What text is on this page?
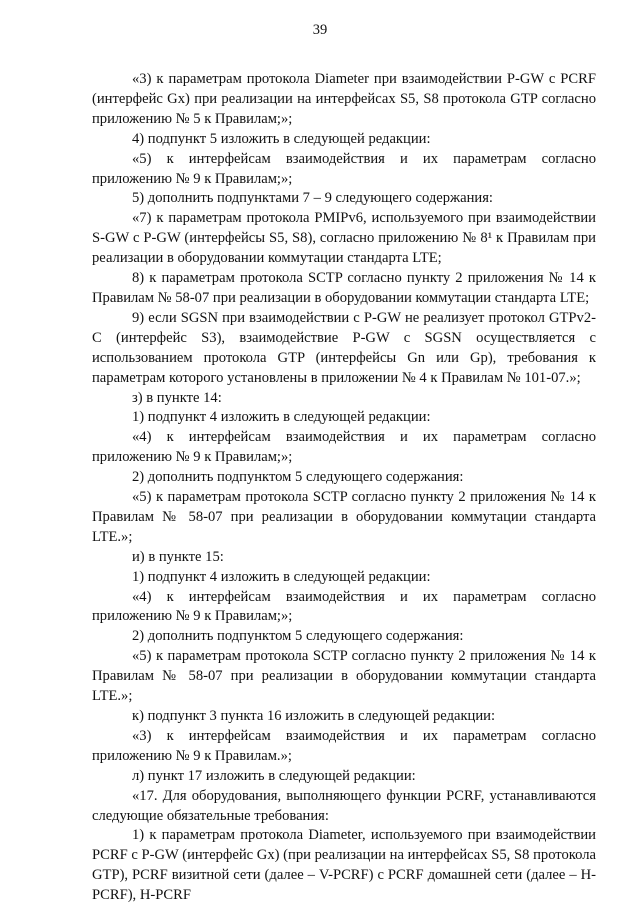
39

«3) к параметрам протокола Diameter при взаимодействии P-GW с PCRF (интерфейс Gx) при реализации на интерфейсах S5, S8 протокола GTP согласно приложению № 5 к Правилам;»;

4) подпункт 5 изложить в следующей редакции:

«5) к интерфейсам взаимодействия и их параметрам согласно приложению № 9 к Правилам;»;

5) дополнить подпунктами 7 – 9 следующего содержания:

«7) к параметрам протокола PMIPv6, используемого при взаимодействии S-GW с P-GW (интерфейсы S5, S8), согласно приложению № 8¹ к Правилам при реализации в оборудовании коммутации стандарта LTE;

8) к параметрам протокола SCTP согласно пункту 2 приложения № 14 к Правилам № 58-07 при реализации в оборудовании коммутации стандарта LTE;

9) если SGSN при взаимодействии с P-GW не реализует протокол GTPv2-C (интерфейс S3), взаимодействие P-GW с SGSN осуществляется с использованием протокола GTP (интерфейсы Gn или Gp), требования к параметрам которого установлены в приложении № 4 к Правилам № 101-07.»;

з) в пункте 14:

1) подпункт 4 изложить в следующей редакции:

«4) к интерфейсам взаимодействия и их параметрам согласно приложению № 9 к Правилам;»;

2) дополнить подпунктом 5 следующего содержания:

«5) к параметрам протокола SCTP согласно пункту 2 приложения № 14 к Правилам № 58-07 при реализации в оборудовании коммутации стандарта LTE.»;

и) в пункте 15:

1) подпункт 4 изложить в следующей редакции:

«4) к интерфейсам взаимодействия и их параметрам согласно приложению № 9 к Правилам;»;

2) дополнить подпунктом 5 следующего содержания:

«5) к параметрам протокола SCTP согласно пункту 2 приложения № 14 к Правилам № 58-07 при реализации в оборудовании коммутации стандарта LTE.»;

к) подпункт 3 пункта 16 изложить в следующей редакции:

«3) к интерфейсам взаимодействия и их параметрам согласно приложению № 9 к Правилам.»;

л) пункт 17 изложить в следующей редакции:

«17. Для оборудования, выполняющего функции PCRF, устанавливаются следующие обязательные требования:

1) к параметрам протокола Diameter, используемого при взаимодействии PCRF с P-GW (интерфейс Gx) (при реализации на интерфейсах S5, S8 протокола GTP), PCRF визитной сети (далее – V-PCRF) с PCRF домашней сети (далее – H-PCRF), H-PCRF
